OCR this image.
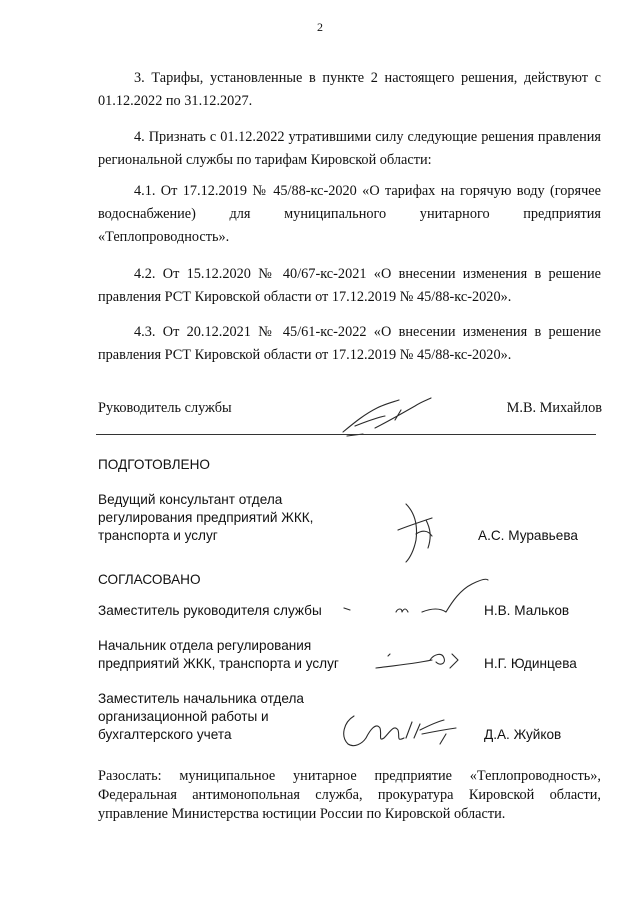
2
3. Тарифы, установленные в пункте 2 настоящего решения, действуют с 01.12.2022 по 31.12.2027.
4. Признать с 01.12.2022 утратившими силу следующие решения правления региональной службы по тарифам Кировской области:
4.1. От 17.12.2019 № 45/88-кс-2020 «О тарифах на горячую воду (горячее водоснабжение) для муниципального унитарного предприятия «Теплопроводность».
4.2. От 15.12.2020 № 40/67-кс-2021 «О внесении изменения в решение правления РСТ Кировской области от 17.12.2019 № 45/88-кс-2020».
4.3. От 20.12.2021 № 45/61-кс-2022 «О внесении изменения в решение правления РСТ Кировской области от 17.12.2019 № 45/88-кс-2020».
Руководитель службы	М.В. Михайлов
ПОДГОТОВЛЕНО
Ведущий консультант отдела
регулирования предприятий ЖКК,
транспорта и услуг	А.С. Муравьева
СОГЛАСОВАНО
Заместитель руководителя службы	Н.В. Мальков
Начальник отдела регулирования
предприятий ЖКК, транспорта и услуг	Н.Г. Юдинцева
Заместитель начальника отдела
организационной работы и
бухгалтерского учета	Д.А. Жуйков
Разослать: муниципальное унитарное предприятие «Теплопроводность», Федеральная антимонопольная служба, прокуратура Кировской области, управление Министерства юстиции России по Кировской области.
